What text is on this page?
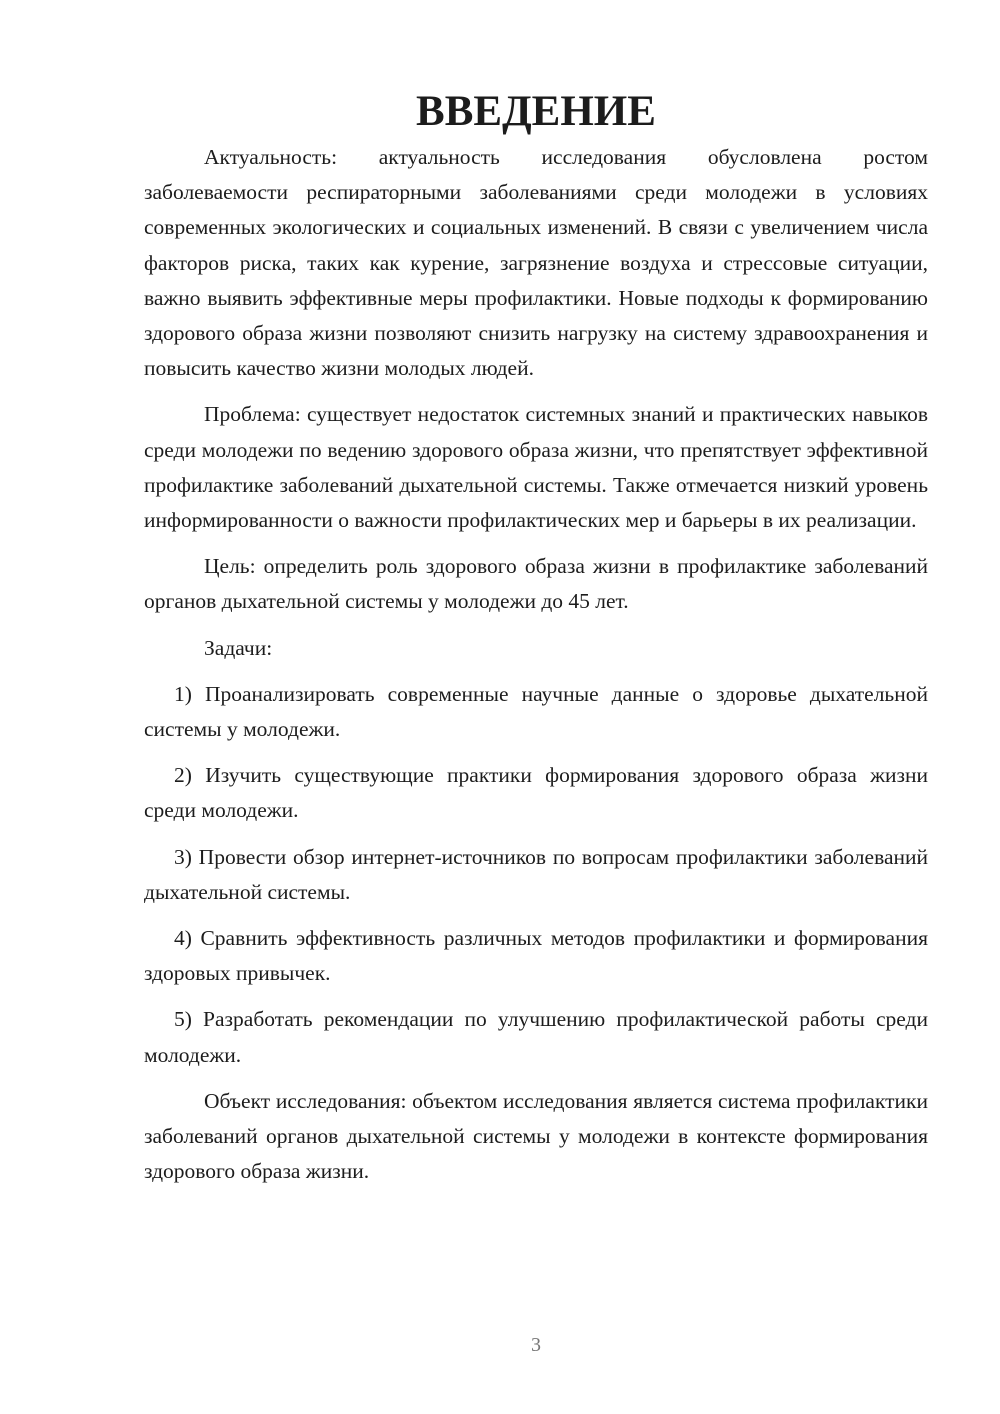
ВВЕДЕНИЕ

Актуальность: актуальность исследования обусловлена ростом заболеваемости респираторными заболеваниями среди молодежи в условиях современных экологических и социальных изменений. В связи с увеличением числа факторов риска, таких как курение, загрязнение воздуха и стрессовые ситуации, важно выявить эффективные меры профилактики. Новые подходы к формированию здорового образа жизни позволяют снизить нагрузку на систему здравоохранения и повысить качество жизни молодых людей.

Проблема: существует недостаток системных знаний и практических навыков среди молодежи по ведению здорового образа жизни, что препятствует эффективной профилактике заболеваний дыхательной системы. Также отмечается низкий уровень информированности о важности профилактических мер и барьеры в их реализации.

Цель: определить роль здорового образа жизни в профилактике заболеваний органов дыхательной системы у молодежи до 45 лет.

Задачи:

1) Проанализировать современные научные данные о здоровье дыхательной системы у молодежи.

2) Изучить существующие практики формирования здорового образа жизни среди молодежи.

3) Провести обзор интернет-источников по вопросам профилактики заболеваний дыхательной системы.

4) Сравнить эффективность различных методов профилактики и формирования здоровых привычек.

5) Разработать рекомендации по улучшению профилактической работы среди молодежи.

Объект исследования: объектом исследования является система профилактики заболеваний органов дыхательной системы у молодежи в контексте формирования здорового образа жизни.

3
